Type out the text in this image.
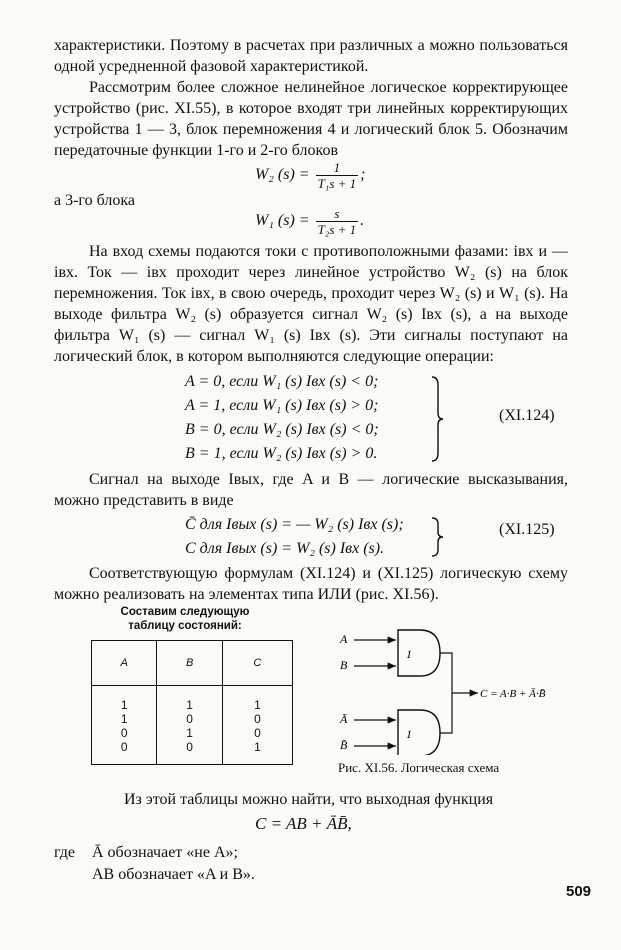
характеристики. Поэтому в расчетах при различных a можно пользоваться одной усредненной фазовой характеристикой.
Рассмотрим более сложное нелинейное логическое корректирующее устройство (рис. XI.55), в которое входят три линейных корректирующих устройства 1 — 3, блок перемножения 4 и логический блок 5. Обозначим передаточные функции 1-го и 2-го блоков
W₂ $(s) = \frac{1}{\text{T₁s + 1}}$ ;
а 3-го блока
W₁ $(s) = \frac{s}{\text{T₂s + 1}}$ .
На вход схемы подаются токи с противоположными фазами: iвх и — iвх. Ток — iвх проходит через линейное устройство W₂ (s) на блок перемножения. Ток iвх, в свою очередь, проходит через W₂ (s) и W₁ (s). На выходе фильтра W₂ (s) образуется сигнал W₂ (s) Iвх (s), а на выходе фильтра W₁ (s) — сигнал W₁ (s) Iвх (s). Эти сигналы поступают на логический блок, в котором выполняются следующие операции:
A = 0, если W₁ (s) Iвх (s) < 0;
A = 1, если W₁ (s) Iвх (s) > 0;
B = 0, если W₂ (s) Iвх (s) < 0;
B = 1, если W₂ (s) Iвх (s) > 0.
(XI.124)
Сигнал на выходе Iвых, где A и B — логические высказывания, можно представить в виде
C̄ для Iвых (s) = — W₂ (s) Iвх (s);
C для Iвых (s) = W₂ (s) Iвх (s).
(XI.125)
Соответствующую формулам (XI.124) и (XI.125) логическую схему можно реализовать на элементах типа ИЛИ (рис. XI.56).
Составим следующую таблицу состояний:
A	B	C
1	1	1
1	0	0
0	1	0
0	0	1
A
B
1
Ā
B̄
1
C = A·B + Ā·B̄
Рис. XI.56. Логическая схема
Из этой таблицы можно найти, что выходная функция
C = AB + ĀB̄,
где Ā обозначает «не A»;
AB обозначает «A и B».
509
